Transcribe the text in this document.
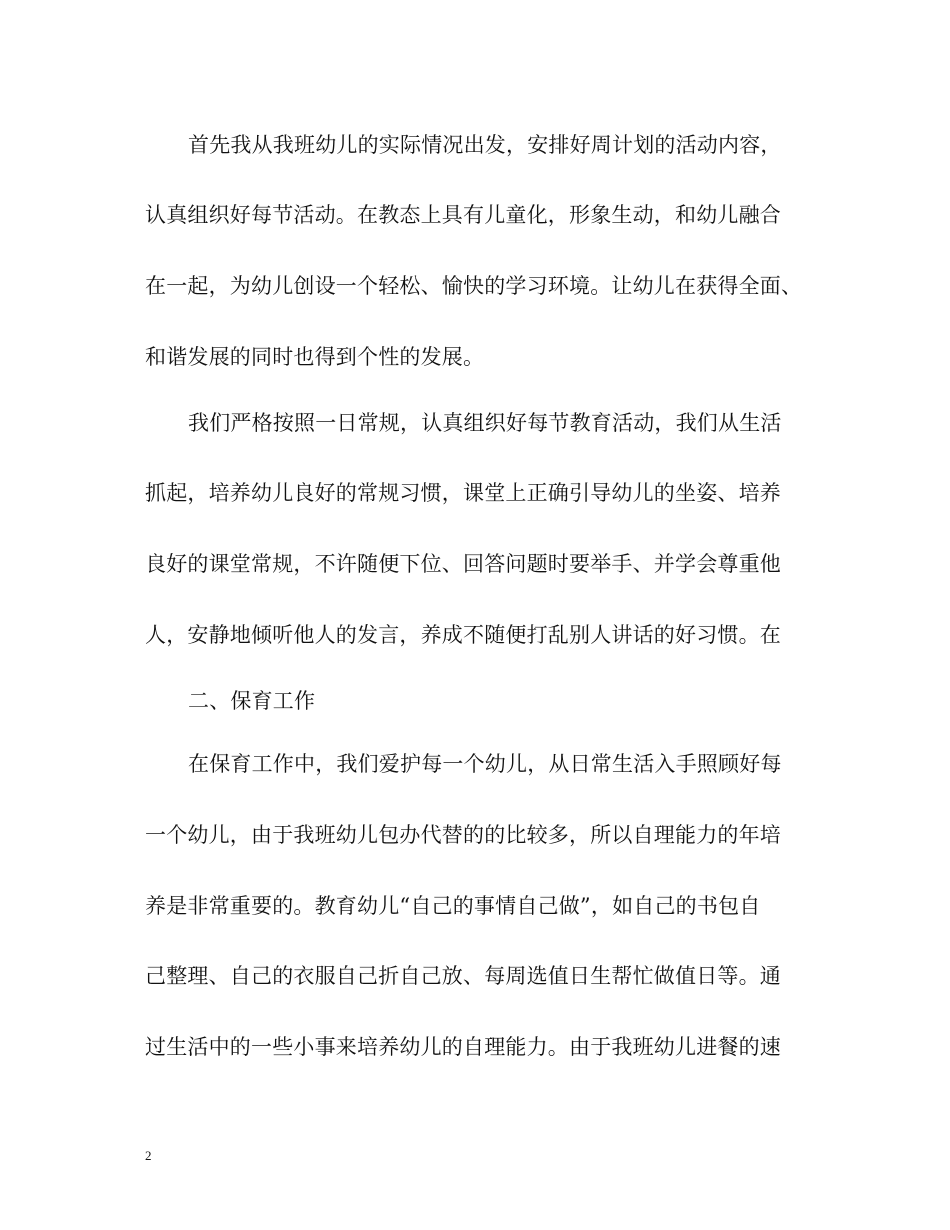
首先我从我班幼儿的实际情况出发，安排好周计划的活动内容，
认真组织好每节活动。在教态上具有儿童化，形象生动，和幼儿融合
在一起，为幼儿创设一个轻松、愉快的学习环境。让幼儿在获得全面、
和谐发展的同时也得到个性的发展。
我们严格按照一日常规，认真组织好每节教育活动，我们从生活
抓起，培养幼儿良好的常规习惯，课堂上正确引导幼儿的坐姿、培养
良好的课堂常规，不许随便下位、回答问题时要举手、并学会尊重他
人，安静地倾听他人的发言，养成不随便打乱别人讲话的好习惯。在
二、保育工作
在保育工作中，我们爱护每一个幼儿，从日常生活入手照顾好每
一个幼儿，由于我班幼儿包办代替的的比较多，所以自理能力的年培
养是非常重要的。教育幼儿“自己的事情自己做”，如自己的书包自
己整理、自己的衣服自己折自己放、每周选值日生帮忙做值日等。通
过生活中的一些小事来培养幼儿的自理能力。由于我班幼儿进餐的速
2
